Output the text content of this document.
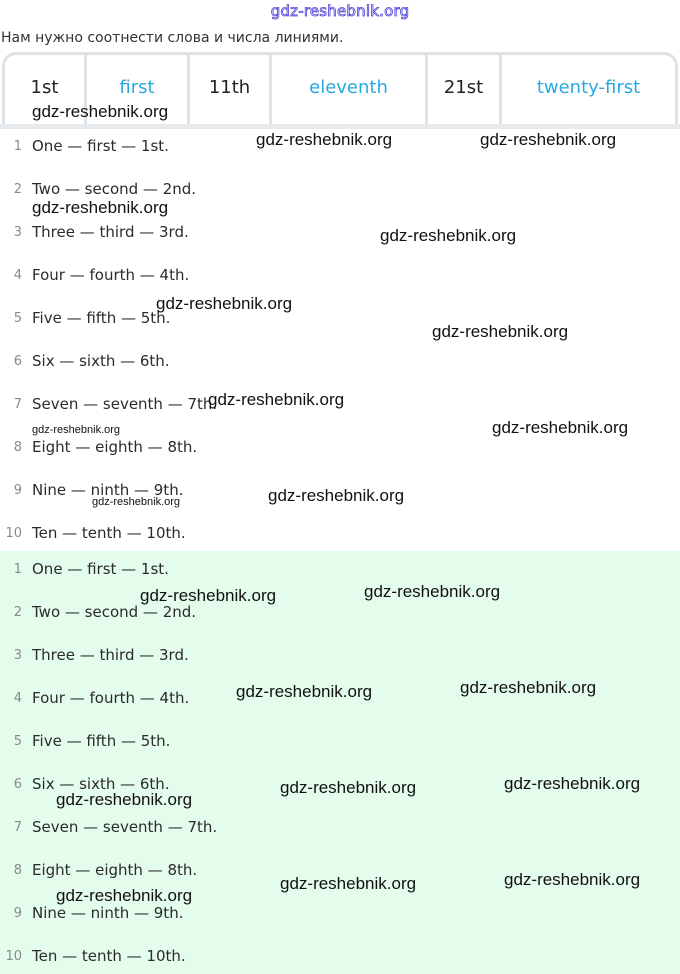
gdz-reshebnik.org
Нам нужно соотнести слова и числа линиями.
1st	first	11th	eleventh	21st	twenty-first
1 One — first — 1st.
2 Two — second — 2nd.
3 Three — third — 3rd.
4 Four — fourth — 4th.
5 Five — fifth — 5th.
6 Six — sixth — 6th.
7 Seven — seventh — 7th.
8 Eight — eighth — 8th.
9 Nine — ninth — 9th.
10 Ten — tenth — 10th.
1 One — first — 1st.
2 Two — second — 2nd.
3 Three — third — 3rd.
4 Four — fourth — 4th.
5 Five — fifth — 5th.
6 Six — sixth — 6th.
7 Seven — seventh — 7th.
8 Eight — eighth — 8th.
9 Nine — ninth — 9th.
10 Ten — tenth — 10th.
gdz-reshebnik.org
gdz-reshebnik.org	gdz-reshebnik.org
gdz-reshebnik.org
gdz-reshebnik.org
gdz-reshebnik.org
gdz-reshebnik.org
gdz-reshebnik.org
gdz-reshebnik.org	gdz-reshebnik.org
gdz-reshebnik.org	gdz-reshebnik.org
gdz-reshebnik.org	gdz-reshebnik.org
gdz-reshebnik.org	gdz-reshebnik.org
gdz-reshebnik.org	gdz-reshebnik.org
gdz-reshebnik.org
gdz-reshebnik.org	gdz-reshebnik.org
gdz-reshebnik.org
